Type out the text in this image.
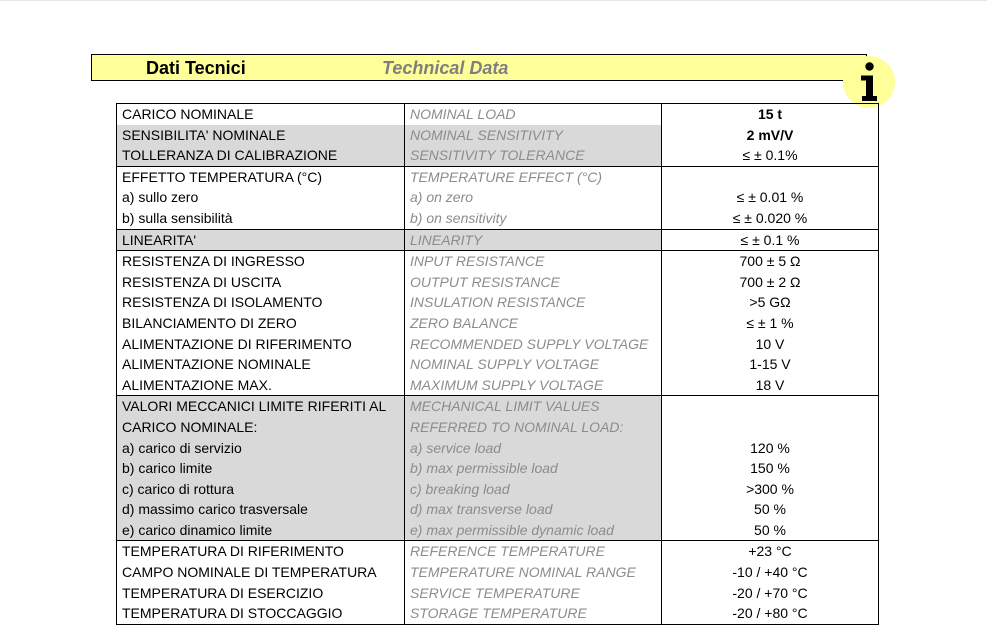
Dati Tecnici	Technical Data
CARICO NOMINALE	NOMINAL LOAD	15 t
SENSIBILITA' NOMINALE	NOMINAL SENSITIVITY	2 mV/V
TOLLERANZA DI CALIBRAZIONE	SENSITIVITY TOLERANCE	≤ ± 0.1%
EFFETTO TEMPERATURA (°C)	TEMPERATURE EFFECT (°C)	
a) sullo zero	a) on zero	≤ ± 0.01 %
b) sulla sensibilità	b) on sensitivity	≤ ± 0.020 %
LINEARITA'	LINEARITY	≤ ± 0.1 %
RESISTENZA DI INGRESSO	INPUT RESISTANCE	700 ± 5 Ω
RESISTENZA DI USCITA	OUTPUT RESISTANCE	700 ± 2 Ω
RESISTENZA DI ISOLAMENTO	INSULATION RESISTANCE	>5 GΩ
BILANCIAMENTO DI ZERO	ZERO BALANCE	≤ ± 1 %
ALIMENTAZIONE DI RIFERIMENTO	RECOMMENDED SUPPLY VOLTAGE	10 V
ALIMENTAZIONE NOMINALE	NOMINAL SUPPLY VOLTAGE	1-15 V
ALIMENTAZIONE MAX.	MAXIMUM SUPPLY VOLTAGE	18 V
VALORI MECCANICI LIMITE RIFERITI AL	MECHANICAL LIMIT VALUES	
CARICO NOMINALE:	REFERRED TO NOMINAL LOAD:	
a) carico di servizio	a) service load	120 %
b) carico limite	b) max permissible load	150 %
c) carico di rottura	c) breaking load	>300 %
d) massimo carico trasversale	d) max transverse load	50 %
e) carico dinamico limite	e) max permissible dynamic load	50 %
TEMPERATURA DI RIFERIMENTO	REFERENCE TEMPERATURE	+23 °C
CAMPO NOMINALE DI TEMPERATURA	TEMPERATURE NOMINAL RANGE	-10 / +40 °C
TEMPERATURA DI ESERCIZIO	SERVICE TEMPERATURE	-20 / +70 °C
TEMPERATURA DI STOCCAGGIO	STORAGE TEMPERATURE	-20 / +80 °C
